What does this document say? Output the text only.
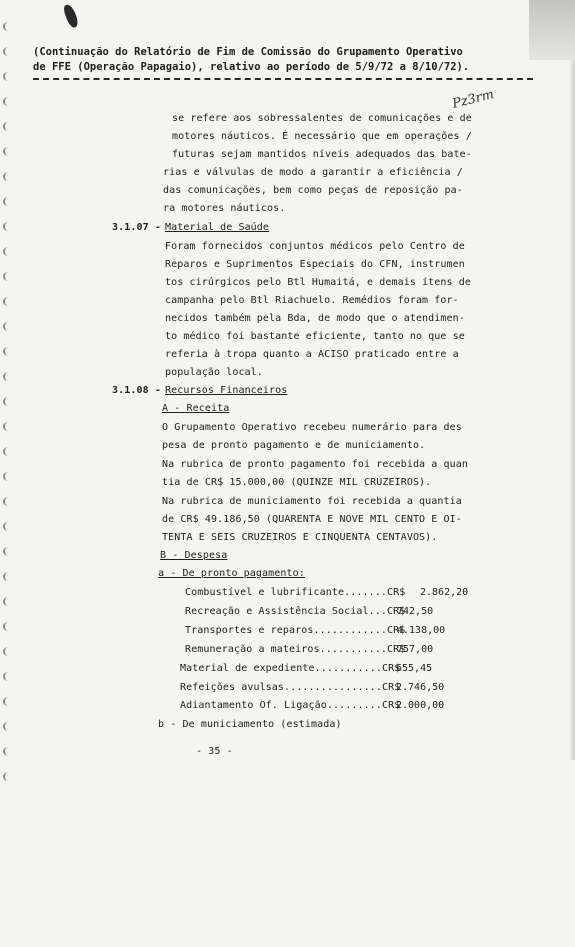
(Continuação do Relatório de Fim de Comissão do Grupamento Operativo
de FFE (Operação Papagaio), relativo ao período de 5/9/72 a 8/10/72).
Pz3rm
se refere aos sobressalentes de comunicações e de
motores náuticos. É necessário que em operações /
futuras sejam mantidos níveis adequados das bate-
rias e válvulas de modo a garantir a eficiência /
das comunicações, bem como peças de reposição pa-
ra motores náuticos.
3.1.07 - Material de Saúde
Foram fornecidos conjuntos médicos pelo Centro de
Reparos e Suprimentos Especiais do CFN, instrumen
tos cirúrgicos pelo Btl Humaitá, e demais ítens de
campanha pelo Btl Riachuelo. Remédios foram for-
necidos também pela Bda, de modo que o atendimen-
to médico foi bastante eficiente, tanto no que se
referia à tropa quanto a ACISO praticado entre a
população local.
3.1.08 - Recursos Financeiros
A - Receita
O Grupamento Operativo recebeu numerário para des
pesa de pronto pagamento e de municiamento.
Na rubrica de pronto pagamento foi recebida a quan
tia de CR$ 15.000,00 (QUINZE MIL CRUZEIROS).
Na rubrica de municiamento foi recebida a quantia
de CR$ 49.186,50 (QUARENTA E NOVE MIL CENTO E OI-
TENTA E SEIS CRUZEIROS E CINQUENTA CENTAVOS).
B - Despesa
a - De pronto pagamento:
Combustível e lubrificante.......CR$ 2.862,20
Recreação e Assistência Social...CR$
742,50
Transportes e reparos............CR$
4.138,00
Remuneração a mateiros...........CR$
757,00
Material de expediente...........CR$
655,45
Refeições avulsas................CR$
2.746,50
Adiantamento Of. Ligação.........CR$
2.000,00
b - De municiamento (estimada)
- 35 -
